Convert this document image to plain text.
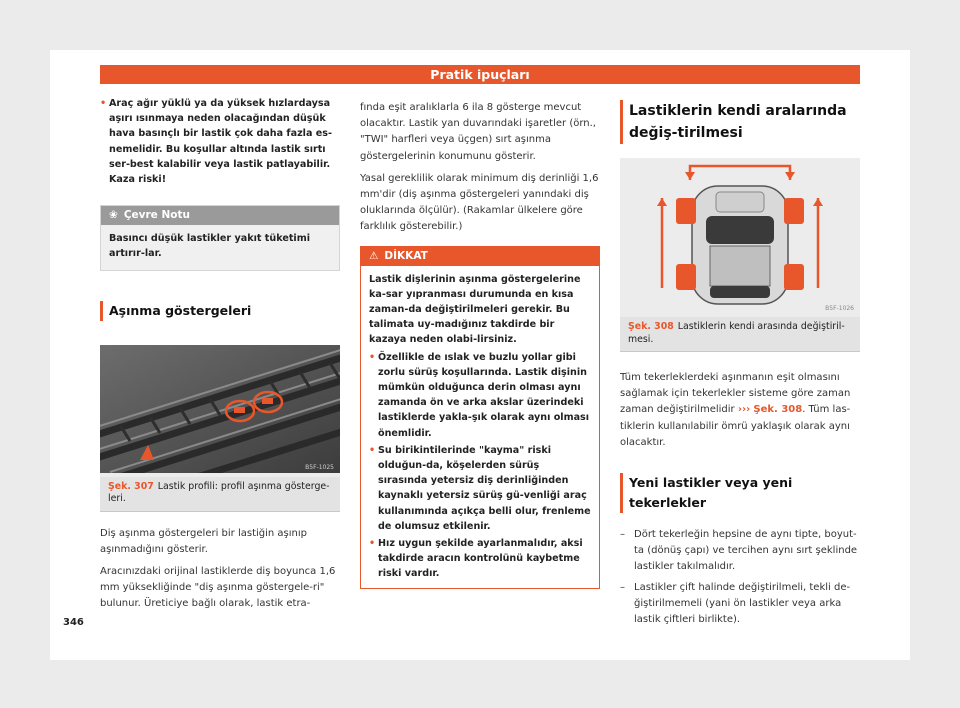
Pratik ipuçları
• Araç ağır yüklü ya da yüksek hızlardaysa aşırı ısınmaya neden olacağından düşük hava basınçlı bir lastik çok daha fazla es-nemelidir. Bu koşullar altında lastik sırtı ser-best kalabilir veya lastik patlayabilir. Kaza riski!
❀ Çevre Notu
Basıncı düşük lastikler yakıt tüketimi artırır-lar.
Aşınma göstergeleri
B5F-1025
Şek. 307 Lastik profili: profil aşınma gösterge-leri.
Diş aşınma göstergeleri bir lastiğin aşınıp aşınmadığını gösterir.
Aracınızdaki orijinal lastiklerde diş boyunca 1,6 mm yüksekliğinde "diş aşınma göstergele-ri" bulunur. Üreticiye bağlı olarak, lastik etra-
fında eşit aralıklarla 6 ila 8 gösterge mevcut olacaktır. Lastik yan duvarındaki işaretler (örn., "TWI" harfleri veya üçgen) sırt aşınma göstergelerinin konumunu gösterir.
Yasal gereklilik olarak minimum diş derinliği 1,6 mm'dir (diş aşınma göstergeleri yanındaki diş oluklarında ölçülür). (Rakamlar ülkelere göre farklılık gösterebilir.)
⚠ DİKKAT
Lastik dişlerinin aşınma göstergelerine ka-sar yıpranması durumunda en kısa zaman-da değiştirilmeleri gerekir. Bu talimata uy-madığınız takdirde bir kazaya neden olabi-lirsiniz.
• Özellikle de ıslak ve buzlu yollar gibi zorlu sürüş koşullarında. Lastik dişinin mümkün olduğunca derin olması aynı zamanda ön ve arka akslar üzerindeki lastiklerde yakla-şık olarak aynı olması önemlidir.
• Su birikintilerinde "kayma" riski olduğun-da, köşelerden sürüş sırasında yetersiz diş derinliğinden kaynaklı yetersiz sürüş gü-venliği araç kullanımında açıkça belli olur, frenleme de olumsuz etkilenir.
• Hız uygun şekilde ayarlanmalıdır, aksi takdirde aracın kontrolünü kaybetme riski vardır.
Lastiklerin kendi aralarında değiş-tirilmesi
B5F-1026
Şek. 308 Lastiklerin kendi arasında değiştiril-mesi.
Tüm tekerleklerdeki aşınmanın eşit olmasını sağlamak için tekerlekler sisteme göre zaman zaman değiştirilmelidir ››› Şek. 308. Tüm las-tiklerin kullanılabilir ömrü yaklaşık olarak aynı olacaktır.
Yeni lastikler veya yeni tekerlekler
– Dört tekerleğin hepsine de aynı tipte, boyut-ta (dönüş çapı) ve tercihen aynı sırt şeklinde lastikler takılmalıdır.
– Lastikler çift halinde değiştirilmeli, tekli de-ğiştirilmemeli (yani ön lastikler veya arka lastik çiftleri birlikte).
346
